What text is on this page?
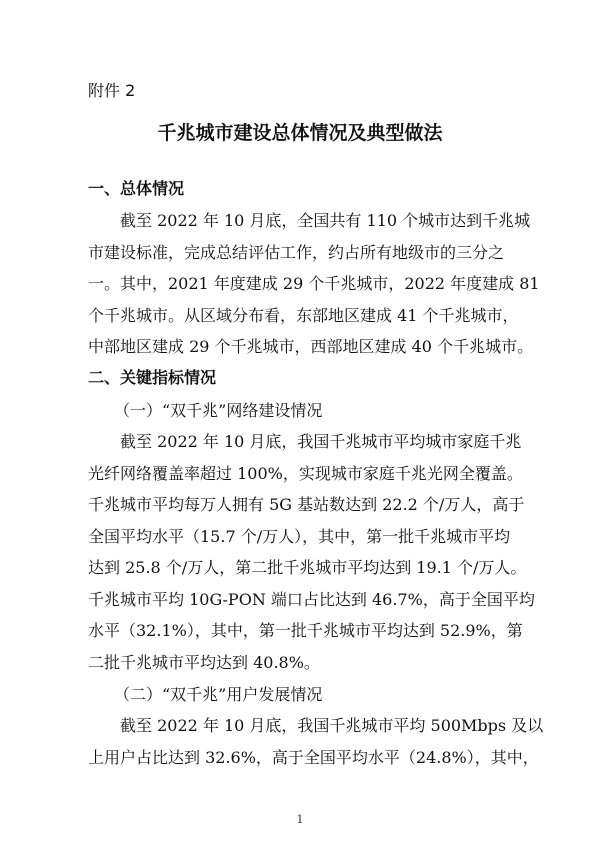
附件 2
千兆城市建设总体情况及典型做法
一、总体情况
截至 2022 年 10 月底，全国共有 110 个城市达到千兆城
市建设标准，完成总结评估工作，约占所有地级市的三分之
一。其中，2021 年度建成 29 个千兆城市，2022 年度建成 81
个千兆城市。从区域分布看，东部地区建成 41 个千兆城市，
中部地区建成 29 个千兆城市，西部地区建成 40 个千兆城市。
二、关键指标情况
（一）“双千兆”网络建设情况
截至 2022 年 10 月底，我国千兆城市平均城市家庭千兆
光纤网络覆盖率超过 100%，实现城市家庭千兆光网全覆盖。
千兆城市平均每万人拥有 5G 基站数达到 22.2 个/万人，高于
全国平均水平（15.7 个/万人），其中，第一批千兆城市平均
达到 25.8 个/万人，第二批千兆城市平均达到 19.1 个/万人。
千兆城市平均 10G-PON 端口占比达到 46.7%，高于全国平均
水平（32.1%），其中，第一批千兆城市平均达到 52.9%，第
二批千兆城市平均达到 40.8%。
（二）“双千兆”用户发展情况
截至 2022 年 10 月底，我国千兆城市平均 500Mbps 及以
上用户占比达到 32.6%，高于全国平均水平（24.8%），其中，
1
